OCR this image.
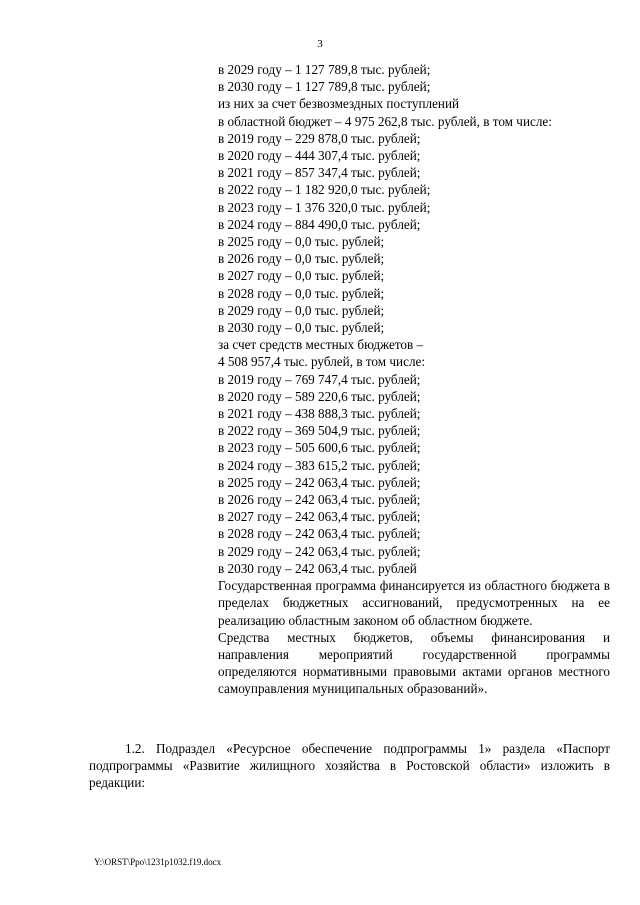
3
в 2029 году – 1 127 789,8 тыс. рублей;
в 2030 году – 1 127 789,8 тыс. рублей;
из них за счет безвозмездных поступлений
в областной бюджет – 4 975 262,8 тыс. рублей, в том числе:
в 2019 году – 229 878,0 тыс. рублей;
в 2020 году – 444 307,4 тыс. рублей;
в 2021 году – 857 347,4 тыс. рублей;
в 2022 году – 1 182 920,0 тыс. рублей;
в 2023 году – 1 376 320,0 тыс. рублей;
в 2024 году – 884 490,0 тыс. рублей;
в 2025 году – 0,0 тыс. рублей;
в 2026 году – 0,0 тыс. рублей;
в 2027 году – 0,0 тыс. рублей;
в 2028 году – 0,0 тыс. рублей;
в 2029 году – 0,0 тыс. рублей;
в 2030 году – 0,0 тыс. рублей;
за счет средств местных бюджетов –
4 508 957,4 тыс. рублей, в том числе:
в 2019 году – 769 747,4 тыс. рублей;
в 2020 году – 589 220,6 тыс. рублей;
в 2021 году – 438 888,3 тыс. рублей;
в 2022 году – 369 504,9 тыс. рублей;
в 2023 году – 505 600,6 тыс. рублей;
в 2024 году – 383 615,2 тыс. рублей;
в 2025 году – 242 063,4 тыс. рублей;
в 2026 году – 242 063,4 тыс. рублей;
в 2027 году – 242 063,4 тыс. рублей;
в 2028 году – 242 063,4 тыс. рублей;
в 2029 году – 242 063,4 тыс. рублей;
в 2030 году – 242 063,4 тыс. рублей
Государственная программа финансируется из областного бюджета в пределах бюджетных ассигнований, предусмотренных на ее реализацию областным законом об областном бюджете.
Средства местных бюджетов, объемы финансирования и направления мероприятий государственной программы определяются нормативными правовыми актами органов местного самоуправления муниципальных образований».
1.2. Подраздел «Ресурсное обеспечение подпрограммы 1» раздела «Паспорт подпрограммы «Развитие жилищного хозяйства в Ростовской области» изложить в редакции:
Y:\ORST\Ppo\1231p1032.f19.docx
